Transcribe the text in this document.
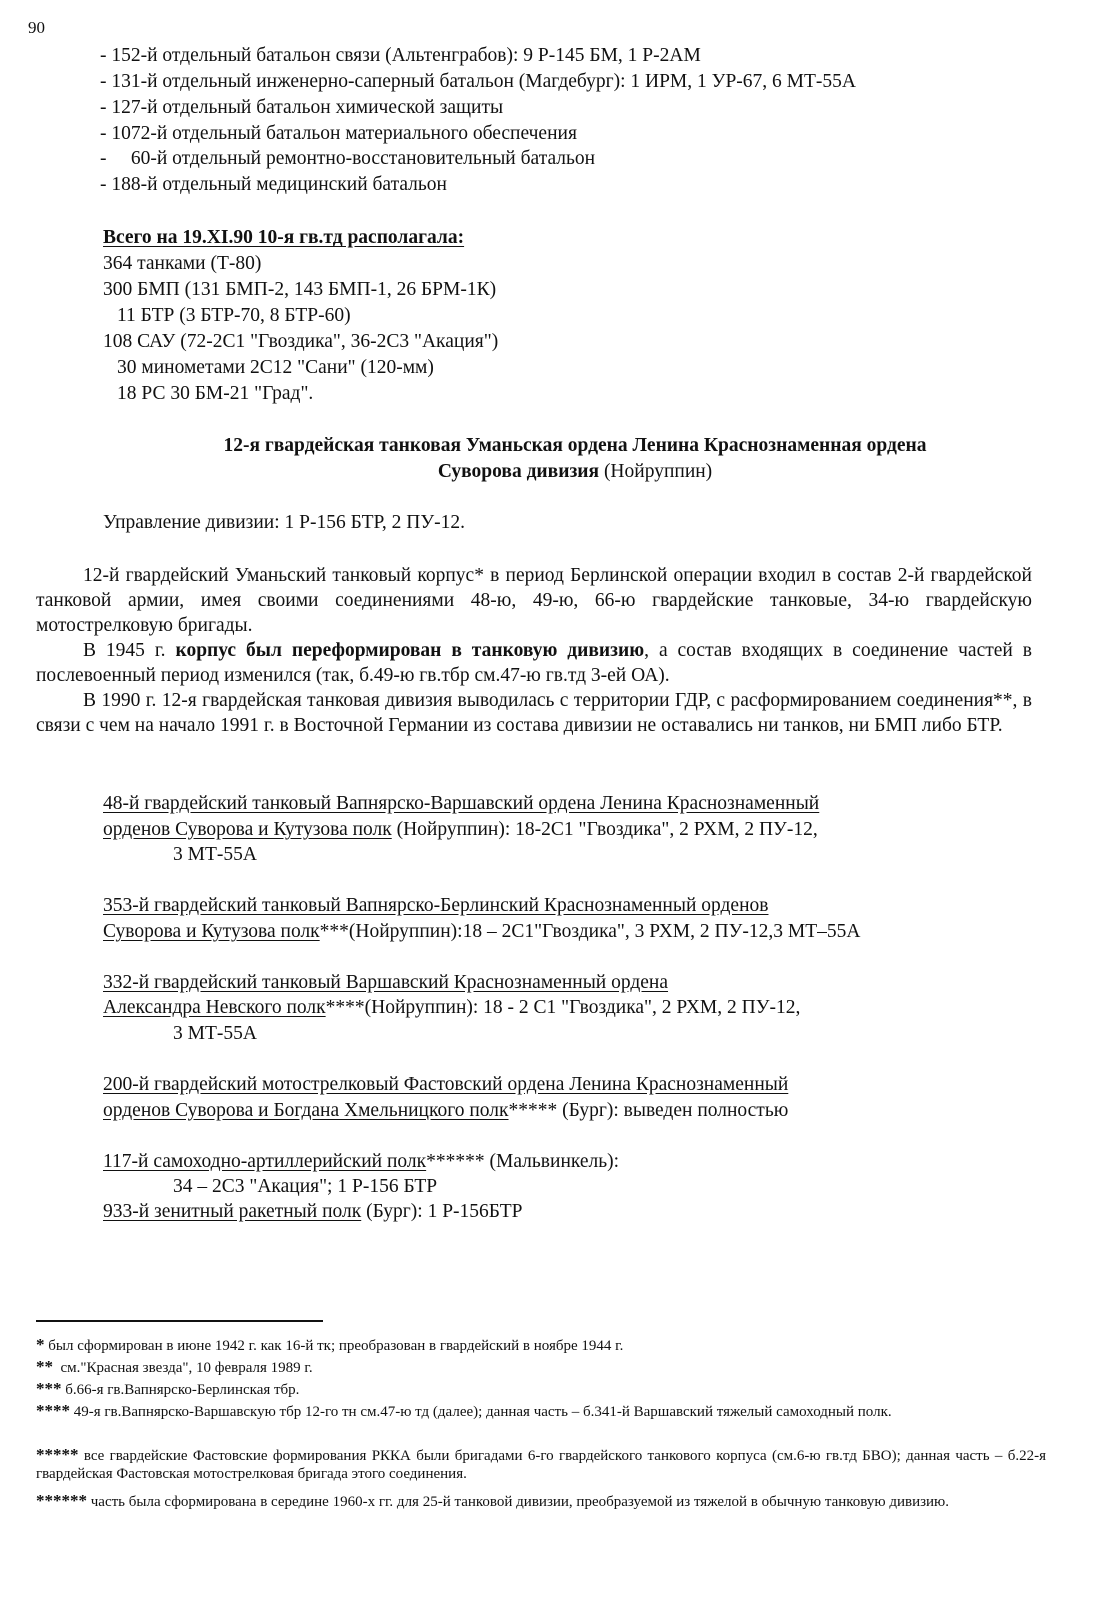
90
- 152-й отдельный батальон связи (Альтенграбов): 9 Р-145 БМ, 1 Р-2АМ
- 131-й отдельный инженерно-саперный батальон (Магдебург): 1 ИРМ, 1 УР-67, 6 МТ-55А
- 127-й отдельный батальон химической защиты
- 1072-й отдельный батальон материального обеспечения
-     60-й отдельный ремонтно-восстановительный батальон
- 188-й отдельный медицинский батальон
Всего на 19.XI.90 10-я гв.тд располагала:
364 танками (Т-80)
300 БМП (131 БМП-2, 143 БМП-1, 26 БРМ-1К)
11 БТР (3 БТР-70, 8 БТР-60)
108 САУ (72-2С1 "Гвоздика", 36-2С3 "Акация")
30 минометами 2С12 "Сани" (120-мм)
18 РС 30 БМ-21 "Град".
12-я гвардейская танковая Уманьская ордена Ленина Краснознаменная ордена
Суворова дивизия (Нойруппин)
Управление дивизии: 1 Р-156 БТР, 2 ПУ-12.

12-й гвардейский Уманьский танковый корпус* в период Берлинской операции входил в состав 2-й гвардейской танковой армии, имея своими соединениями 48-ю, 49-ю, 66-ю гвардейские танковые, 34-ю гвардейскую мотострелковую бригады.

В 1945 г. корпус был переформирован в танковую дивизию, а состав входящих в соединение частей в послевоенный период изменился (так, б.49-ю гв.тбр см.47-ю гв.тд 3-ей ОА).

В 1990 г. 12-я гвардейская танковая дивизия выводилась с территории ГДР, с расформированием соединения**, в связи с чем на начало 1991 г. в Восточной Германии из состава дивизии не оставались ни танков, ни БМП либо БТР.

48-й гвардейский танковый Вапнярско-Варшавский ордена Ленина Краснознаменный
орденов Суворова и Кутузова полк (Нойруппин): 18-2С1 "Гвоздика", 2 РХМ, 2 ПУ-12,
3 МТ-55А
353-й гвардейский танковый Вапнярско-Берлинский Краснознаменный орденов
Суворова и Кутузова полк***(Нойруппин):18 – 2С1"Гвоздика", 3 РХМ, 2 ПУ-12,3 МТ–55А
332-й гвардейский танковый Варшавский Краснознаменный ордена
Александра Невского полк****(Нойруппин): 18 - 2 С1 "Гвоздика", 2 РХМ, 2 ПУ-12,
3 МТ-55А
200-й гвардейский мотострелковый Фастовский ордена Ленина Краснознаменный
орденов Суворова и Богдана Хмельницкого полк***** (Бург): выведен полностью
117-й самоходно-артиллерийский полк****** (Мальвинкель):
34 – 2С3 "Акация"; 1 Р-156 БТР
933-й зенитный ракетный полк (Бург): 1 Р-156БТР
* был сформирован в июне 1942 г. как 16-й тк; преобразован в гвардейский в ноябре 1944 г.
**  см."Красная звезда", 10 февраля 1989 г.
*** б.66-я гв.Вапнярско-Берлинская тбр.
**** 49-я гв.Вапнярско-Варшавскую тбр 12-го тн см.47-ю тд (далее); данная часть – б.341-й Варшавский тяжелый самоходный полк.
***** все гвардейские Фастовские формирования РККА были бригадами 6-го гвардейского танкового корпуса (см.6-ю гв.тд БВО); данная часть – б.22-я гвардейская Фастовская мотострелковая бригада этого соединения.
****** часть была сформирована в середине 1960-х гг. для 25-й танковой дивизии, преобразуемой из тяжелой в обычную танковую дивизию.
